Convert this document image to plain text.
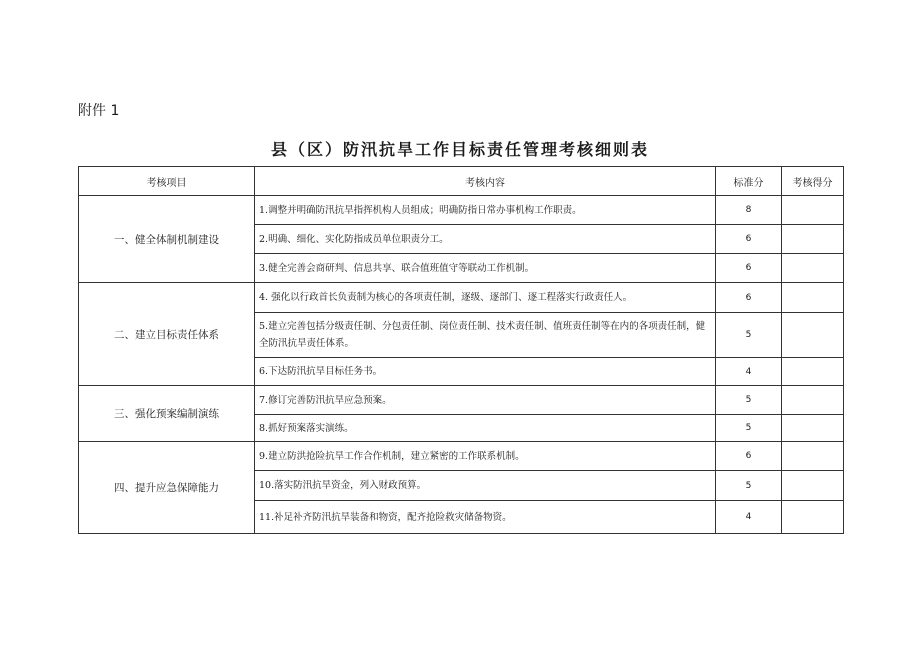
附件 1
县（区）防汛抗旱工作目标责任管理考核细则表
考核项目	考核内容	标准分	考核得分
一、健全体制机制建设	1.调整并明确防汛抗旱指挥机构人员组成；明确防指日常办事机构工作职责。	8	
	2.明确、细化、实化防指成员单位职责分工。	6	
	3.健全完善会商研判、信息共享、联合值班值守等联动工作机制。	6	
二、建立目标责任体系	4. 强化以行政首长负责制为核心的各项责任制，逐级、逐部门、逐工程落实行政责任人。	6	
	5.建立完善包括分级责任制、分包责任制、岗位责任制、技术责任制、值班责任制等在内的各项责任制，健全防汛抗旱责任体系。	5	
	6.下达防汛抗旱目标任务书。	4	
三、强化预案编制演练	7.修订完善防汛抗旱应急预案。	5	
	8.抓好预案落实演练。	5	
四、提升应急保障能力	9.建立防洪抢险抗旱工作合作机制，建立紧密的工作联系机制。	6	
	10.落实防汛抗旱资金，列入财政预算。	5	
	11.补足补齐防汛抗旱装备和物资，配齐抢险救灾储备物资。	4	
